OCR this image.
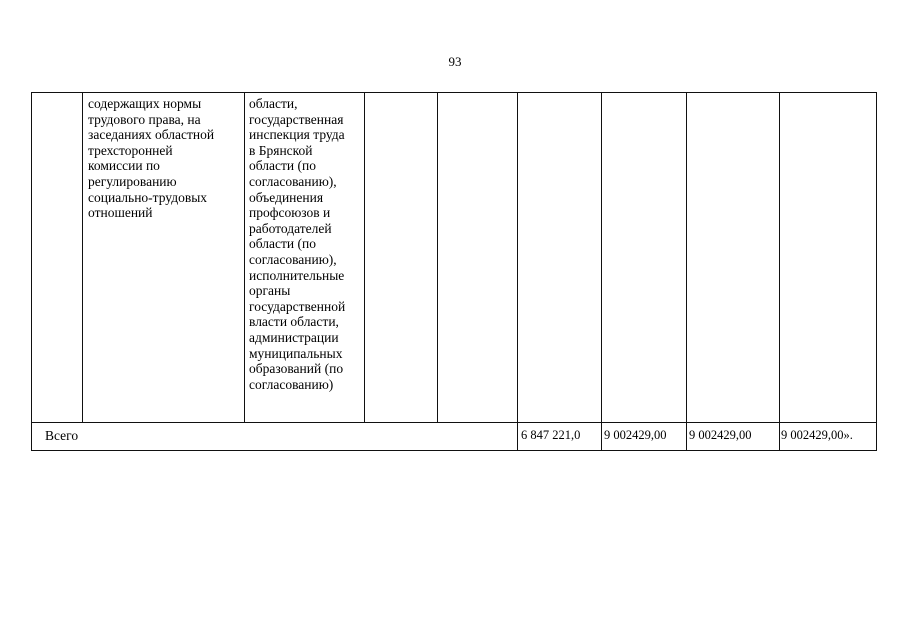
93
содержащих нормы
трудового права, на
заседаниях областной
трехсторонней
комиссии по
регулированию
социально-трудовых
отношений
области,
государственная
инспекция труда
в Брянской
области (по
согласованию),
объединения
профсоюзов и
работодателей
области (по
согласованию),
исполнительные
органы
государственной
власти области,
администрации
муниципальных
образований (по
согласованию)
Всего	6 847 221,0 9 002429,00 9 002429,00 9 002429,00».
